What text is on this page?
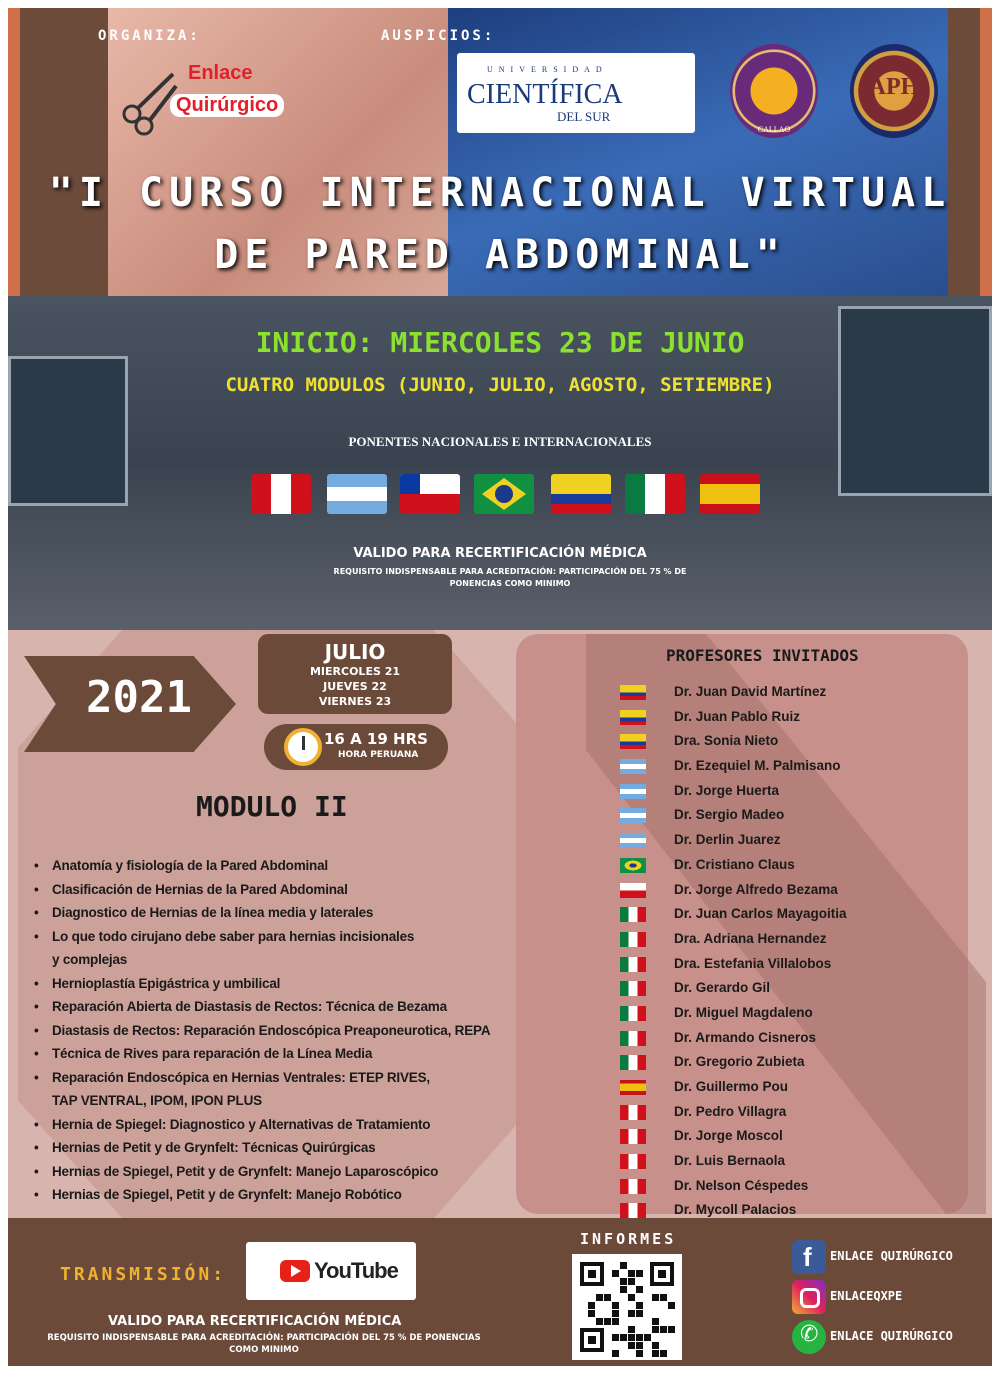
ORGANIZA:	AUSPICIOS:
Enlace
Quirúrgico
UNIVERSIDAD
CIENTÍFICA
DEL SUR
CALLAO
APH
"I CURSO INTERNACIONAL VIRTUAL
DE PARED ABDOMINAL"
INICIO: MIERCOLES 23 DE JUNIO
CUATRO MODULOS (JUNIO, JULIO, AGOSTO, SETIEMBRE)
PONENTES NACIONALES E INTERNACIONALES
VALIDO PARA RECERTIFICACIÓN MÉDICA
REQUISITO INDISPENSABLE PARA ACREDITACIÓN: PARTICIPACIÓN DEL 75 % DE PONENCIAS COMO MINIMO
2021
JULIO
MIERCOLES 21
JUEVES 22
VIERNES 23
16 A 19 HRS
HORA PERUANA
MODULO II
• Anatomía y fisiología de la Pared Abdominal
• Clasificación de Hernias de la Pared Abdominal
• Diagnostico de Hernias de la línea media y laterales
• Lo que todo cirujano debe saber para hernias incisionales
y complejas
• Hernioplastía Epigástrica y umbilical
• Reparación Abierta de Diastasis de Rectos: Técnica de Bezama
• Diastasis de Rectos: Reparación Endoscópica Preaponeurotica, REPA
• Técnica de Rives para reparación de la Línea Media
• Reparación Endoscópica en Hernias Ventrales: ETEP RIVES,
TAP VENTRAL, IPOM, IPON PLUS
• Hernia de Spiegel: Diagnostico y Alternativas de Tratamiento
• Hernias de Petit y de Grynfelt: Técnicas Quirúrgicas
• Hernias de Spiegel, Petit y de Grynfelt: Manejo Laparoscópico
• Hernias de Spiegel, Petit y de Grynfelt: Manejo Robótico
PROFESORES INVITADOS
Dr. Juan David Martínez
Dr. Juan Pablo Ruiz
Dra. Sonia Nieto
Dr. Ezequiel M. Palmisano
Dr. Jorge Huerta
Dr. Sergio Madeo
Dr. Derlin Juarez
Dr. Cristiano Claus
Dr. Jorge Alfredo Bezama
Dr. Juan Carlos Mayagoitia
Dra. Adriana Hernandez
Dra. Estefania Villalobos
Dr. Gerardo Gil
Dr. Miguel Magdaleno
Dr. Armando Cisneros
Dr. Gregorio Zubieta
Dr. Guillermo Pou
Dr. Pedro Villagra
Dr. Jorge Moscol
Dr. Luis Bernaola
Dr. Nelson Céspedes
Dr. Mycoll Palacios
TRANSMISIÓN:	YouTube
VALIDO PARA RECERTIFICACIÓN MÉDICA
REQUISITO INDISPENSABLE PARA ACREDITACIÓN: PARTICIPACIÓN DEL 75 % DE PONENCIAS COMO MINIMO
INFORMES
f
ENLACE QUIRÚRGICO
ENLACEQXPE
✆
ENLACE QUIRÚRGICO
